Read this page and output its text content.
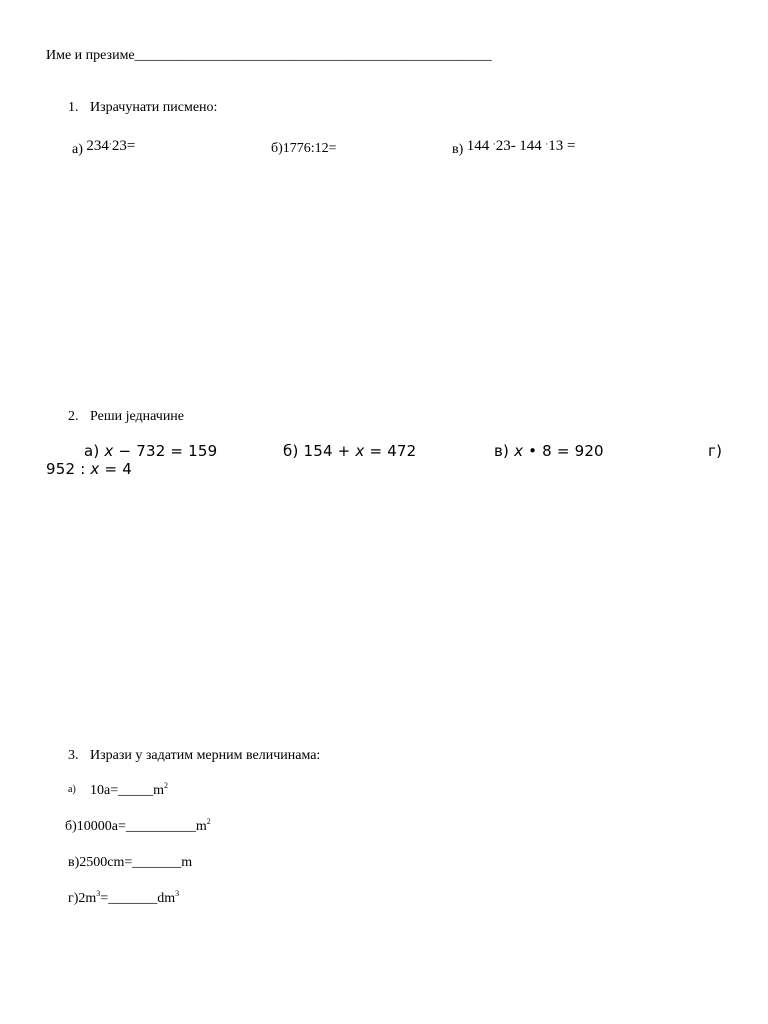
Име и презиме___________________________________________________
1. Израчунати писмено:
а) 234·23=	б)1776:12=	в) 144 ·23- 144 ·13 =
2. Реши једначине
а) x − 732 = 159	б) 154 + x = 472	в) x • 8 = 920	г)
952 : x = 4
3. Изрази у задатим мерним величинама:
а) $10а=\_\_\_\_\_m^2$
$б)10000а=\_\_\_\_\_\_\_\_\_\_m^2$
в)2500cm=_______m
$г)2m^3=\_\_\_\_\_\_\_dm^3$
